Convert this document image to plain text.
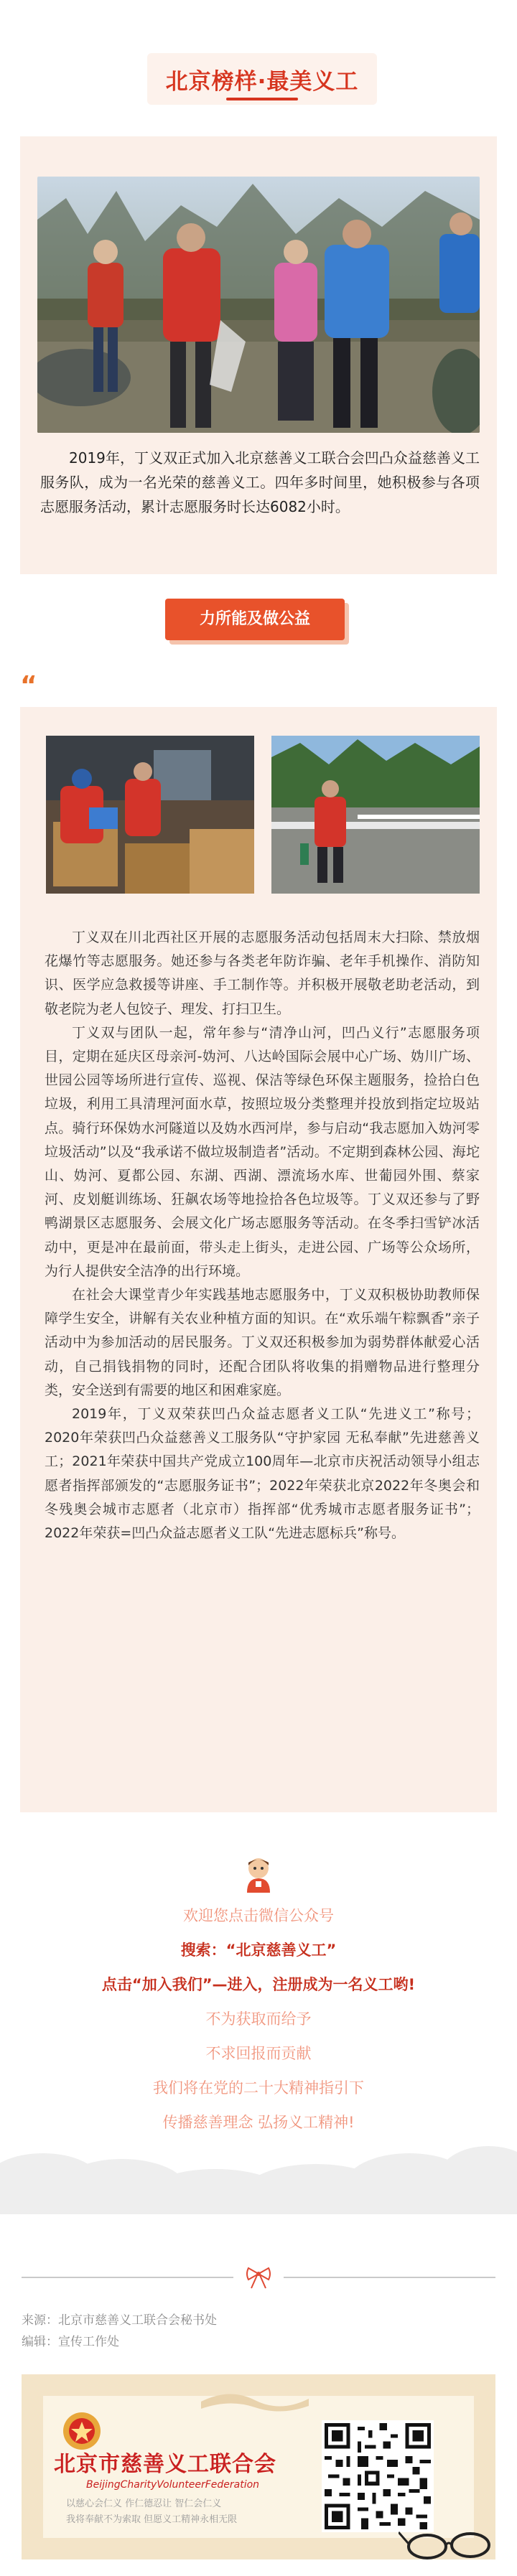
北京榜样·最美义工

2019年，丁义双正式加入北京慈善义工联合会凹凸众益慈善义工服务队，成为一名光荣的慈善义工。四年多时间里，她积极参与各项志愿服务活动，累计志愿服务时长达6082小时。

力所能及做公益
“

丁义双在川北西社区开展的志愿服务活动包括周末大扫除、禁放烟花爆竹等志愿服务。她还参与各类老年防诈骗、老年手机操作、消防知识、医学应急救援等讲座、手工制作等。并积极开展敬老助老活动，到敬老院为老人包饺子、理发、打扫卫生。

丁义双与团队一起，常年参与“清净山河，凹凸义行”志愿服务项目，定期在延庆区母亲河-妫河、八达岭国际会展中心广场、妫川广场、世园公园等场所进行宣传、巡视、保洁等绿色环保主题服务，捡拾白色垃圾，利用工具清理河面水草，按照垃圾分类整理并投放到指定垃圾站点。骑行环保妫水河隧道以及妫水西河岸，参与启动“我志愿加入妫河零垃圾活动”以及“我承诺不做垃圾制造者”活动。不定期到森林公园、海坨山、妫河、夏都公园、东湖、西湖、漂流场水库、世葡园外围、蔡家河、皮划艇训练场、狂飙农场等地捡拾各色垃圾等。丁义双还参与了野鸭湖景区志愿服务、会展文化广场志愿服务等活动。在冬季扫雪铲冰活动中，更是冲在最前面，带头走上街头，走进公园、广场等公众场所，为行人提供安全洁净的出行环境。

在社会大课堂青少年实践基地志愿服务中，丁义双积极协助教师保障学生安全，讲解有关农业种植方面的知识。在“欢乐端午粽飘香”亲子活动中为参加活动的居民服务。丁义双还积极参加为弱势群体献爱心活动，自己捐钱捐物的同时，还配合团队将收集的捐赠物品进行整理分类，安全送到有需要的地区和困难家庭。

2019年，丁义双荣获凹凸众益志愿者义工队“先进义工”称号；2020年荣获凹凸众益慈善义工服务队“守护家园 无私奉献”先进慈善义工；2021年荣获中国共产党成立100周年—北京市庆祝活动领导小组志愿者指挥部颁发的“志愿服务证书”；2022年荣获北京2022年冬奥会和冬残奥会城市志愿者（北京市）指挥部“优秀城市志愿者服务证书”；2022年荣获=凹凸众益志愿者义工队“先进志愿标兵”称号。

欢迎您点击微信公众号
搜索：“北京慈善义工”
点击“加入我们”—进入，注册成为一名义工哟!
不为获取而给予
不求回报而贡献
我们将在党的二十大精神指引下
传播慈善理念 弘扬义工精神!
来源：北京市慈善义工联合会秘书处
编辑：宣传工作处
北京市慈善义工联合会
BeijingCharityVolunteerFederation
以慈心会仁义 作仁德忍让 智仁会仁义
我将奉献不为索取 但愿义工精神永相无限
